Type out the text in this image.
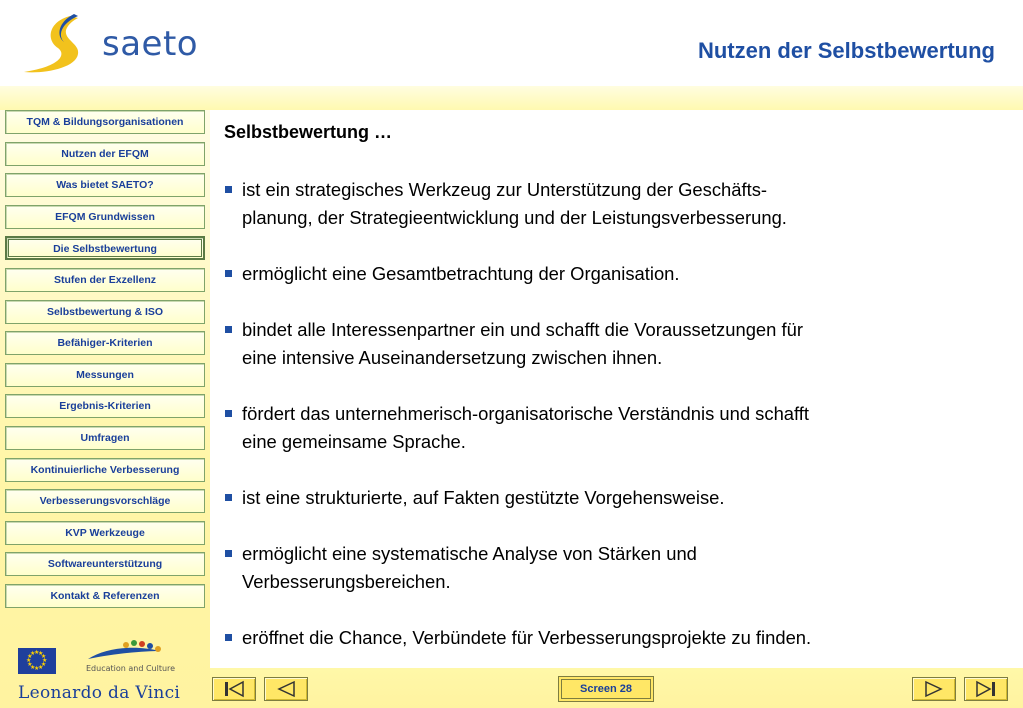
saeto	Nutzen der Selbstbewertung
TQM & Bildungsorganisationen
Nutzen der EFQM
Was bietet SAETO?
EFQM Grundwissen
Die Selbstbewertung
Stufen der Exzellenz
Selbstbewertung & ISO
Befähiger-Kriterien
Messungen
Ergebnis-Kriterien
Umfragen
Kontinuierliche Verbesserung
Verbesserungsvorschläge
KVP Werkzeuge
Softwareunterstützung
Kontakt & Referenzen
★
★
★
★
★
★
★
★
★
★
★
★
Education and Culture
Leonardo da Vinci
Selbstbewertung …
ist ein strategisches Werkzeug zur Unterstützung der Geschäfts-
planung, der Strategieentwicklung und der Leistungsverbesserung.
ermöglicht eine Gesamtbetrachtung der Organisation.
bindet alle Interessenpartner ein und schafft die Voraussetzungen für
eine intensive Auseinandersetzung zwischen ihnen.
fördert das unternehmerisch-organisatorische Verständnis und schafft
eine gemeinsame Sprache.
ist eine strukturierte, auf Fakten gestützte Vorgehensweise.
ermöglicht eine systematische Analyse von Stärken und
Verbesserungsbereichen.
eröffnet die Chance, Verbündete für Verbesserungsprojekte zu finden.
Screen 28
